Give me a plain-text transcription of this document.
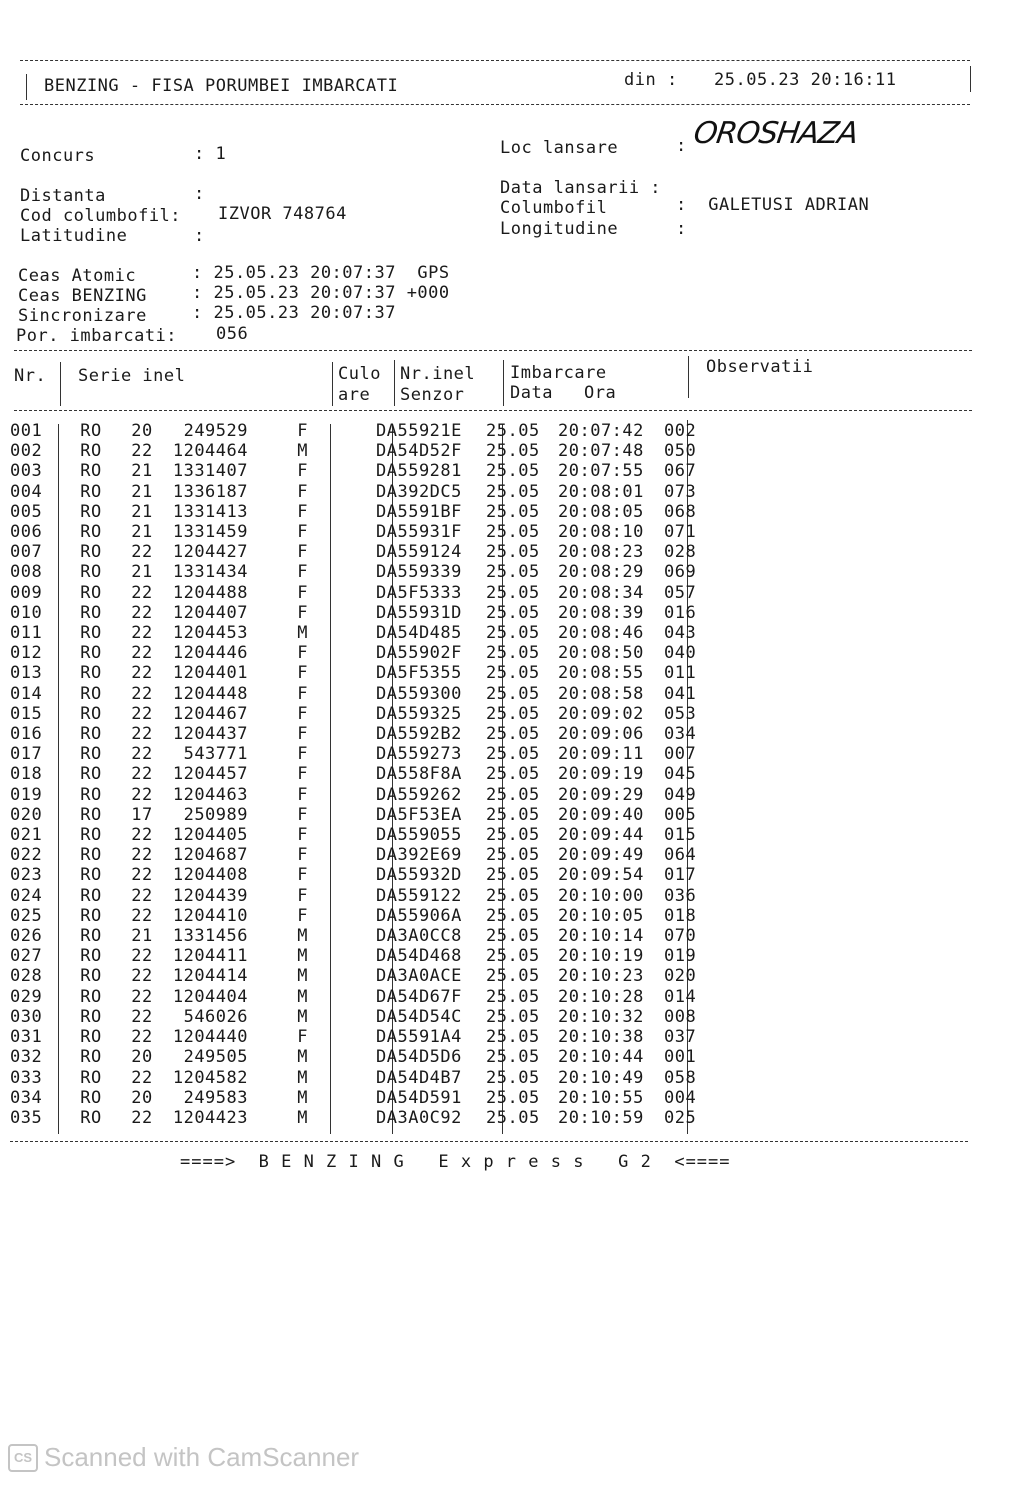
BENZING - FISA PORUMBEI IMBARCATI	din : 25.05.23 20:16:11
Concurs	: 1	Loc lansare	: OROSHAZA
Distanta	:	Data lansarii :
Cod columbofil: IZVOR 748764	Columbofil	:  GALETUSI ADRIAN
Latitudine	:	Longitudine	:
Ceas Atomic	: 25.05.23 20:07:37  GPS
Ceas BENZING	: 25.05.23 20:07:37 +000
Sincronizare	: 25.05.23 20:07:37
Por. imbarcati: 056
Nr. Serie inel	Culo
are
Nr.inel
Senzor
Imbarcare
Data Ora
Observatii
001	RO	20	249529	F		DA55921E	25.05	20:07:42	002
002	RO	22	1204464	M		DA54D52F	25.05	20:07:48	050
003	RO	21	1331407	F		DA559281	25.05	20:07:55	067
004	RO	21	1336187	F		DA392DC5	25.05	20:08:01	073
005	RO	21	1331413	F		DA5591BF	25.05	20:08:05	068
006	RO	21	1331459	F		DA55931F	25.05	20:08:10	071
007	RO	22	1204427	F		DA559124	25.05	20:08:23	028
008	RO	21	1331434	F		DA559339	25.05	20:08:29	069
009	RO	22	1204488	F		DA5F5333	25.05	20:08:34	057
010	RO	22	1204407	F		DA55931D	25.05	20:08:39	016
011	RO	22	1204453	M		DA54D485	25.05	20:08:46	043
012	RO	22	1204446	F		DA55902F	25.05	20:08:50	040
013	RO	22	1204401	F		DA5F5355	25.05	20:08:55	011
014	RO	22	1204448	F		DA559300	25.05	20:08:58	041
015	RO	22	1204467	F		DA559325	25.05	20:09:02	053
016	RO	22	1204437	F		DA5592B2	25.05	20:09:06	034
017	RO	22	543771	F		DA559273	25.05	20:09:11	007
018	RO	22	1204457	F		DA558F8A	25.05	20:09:19	045
019	RO	22	1204463	F		DA559262	25.05	20:09:29	049
020	RO	17	250989	F		DA5F53EA	25.05	20:09:40	005
021	RO	22	1204405	F		DA559055	25.05	20:09:44	015
022	RO	22	1204687	F		DA392E69	25.05	20:09:49	064
023	RO	22	1204408	F		DA55932D	25.05	20:09:54	017
024	RO	22	1204439	F		DA559122	25.05	20:10:00	036
025	RO	22	1204410	F		DA55906A	25.05	20:10:05	018
026	RO	21	1331456	M		DA3A0CC8	25.05	20:10:14	070
027	RO	22	1204411	M		DA54D468	25.05	20:10:19	019
028	RO	22	1204414	M		DA3A0ACE	25.05	20:10:23	020
029	RO	22	1204404	M		DA54D67F	25.05	20:10:28	014
030	RO	22	546026	M		DA54D54C	25.05	20:10:32	008
031	RO	22	1204440	F		DA5591A4	25.05	20:10:38	037
032	RO	20	249505	M		DA54D5D6	25.05	20:10:44	001
033	RO	22	1204582	M		DA54D4B7	25.05	20:10:49	058
034	RO	20	249583	M		DA54D591	25.05	20:10:55	004
035	RO	22	1204423	M		DA3A0C92	25.05	20:10:59	025
====>  B E N Z I N G   E x p r e s s   G 2  <====
CS Scanned with CamScanner
